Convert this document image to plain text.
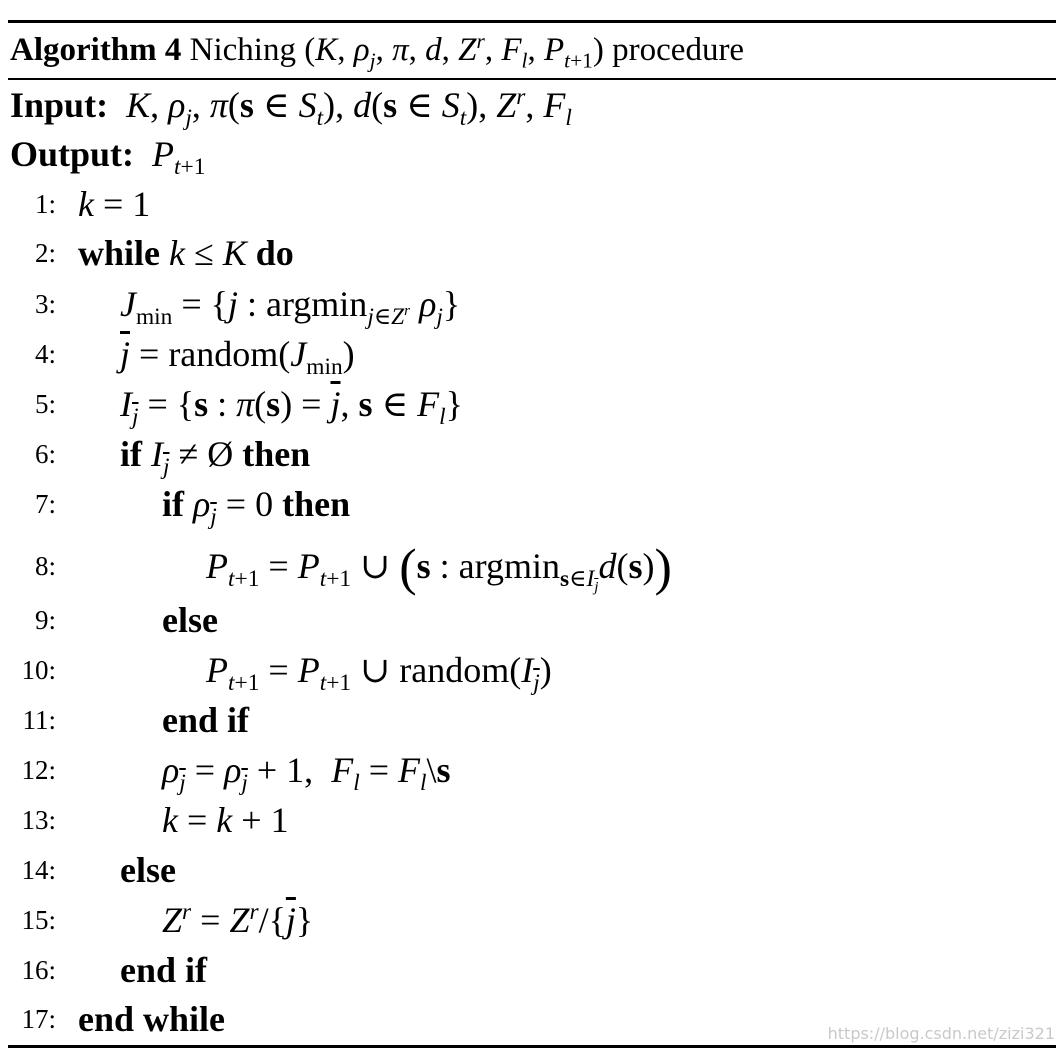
Algorithm 4 Niching (K, $\rho_j$, π, d, $Z^r$, $F_l$, $P_{t+1}$) procedure
Input: K, $\rho_j$, π(s ∈ $S_t$), d(s ∈ $S_t$), $Z^r$, $F_l$
Output: $P_{t+1}$
1: k = 1
2: while k ≤ K do
3: $J_{min} = \{j$ : argmin$_{j\in Z^r}$ $\rho_j$}
4: $\overline{j}$ = $random(J_{min})$
5: $I_{\overline{j}} = \{s$ : $\pi(s) = \overline{j}$, s ∈ $F_l$}
6: if $I_{\overline{j}}$ ≠ Ø then
7:	if $\rho_{\overline{j}} = 0$ then
8:	$P_{t+1} = P_{t+1}$ ∪ (s : argmin$_{s\in I_{\overline{j}}}$d(s))
9:	else
10:	$P_{t+1} = P_{t+1}$ ∪ $random(I_{\overline{j}})$
11:	end if
12:	$\rho_{\overline{j}} = \rho_{\overline{j}} + 1$,  $F_l$ = $F_l\backslash s$
13:	k = k + 1
14: else
15:	$Z^r = Z^r/\{\overline{j}\}$
16: end if
17: end while	https://blog.csdn.net/zizi321
